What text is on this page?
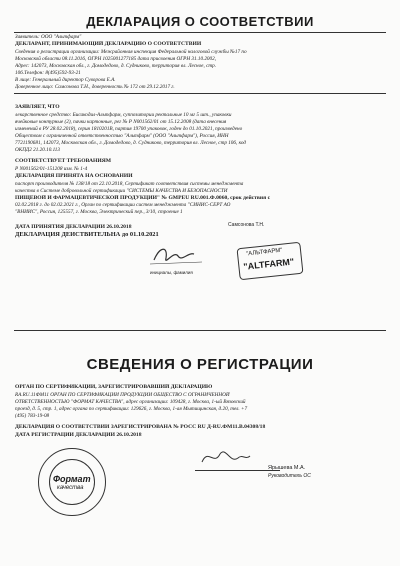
ДЕКЛАРАЦИЯ О СООТВЕТСТВИИ
Заявитель: ООО "Альтфарм"
ДЕКЛАРАНТ, ПРИНИМАЮЩИЙ ДЕКЛАРАЦИЮ О СООТВЕТСТВИИ
Сведения о регистрации организации: Межрайонная инспекция Федеральной налоговой службы №17 по
Московской области 08.11.2016, ОГРН 1025001277185 дата присвоения ОГРН 31.10.2002,
Адрес: 142073, Московская обл., г. Домодедово, д. Судниково, территория вл. Лесное, стр.
106.Телефон: 8(495)592-93-21
В лице: Генеральный директор Суворова Е.А.
Доверенное лицо: Самсонова Т.Н., доверенность № 172 от 29.12.2017 г.
ЗАЯВЛЯЕТ, ЧТО
лекарственное средство: Бисакодил-Альтфарм, суппозитории ректальные 10 мг 5 шт., упаковки
ячейковые контурные (2), пачки картонные, рег № Р N001562/01 от 15.12.2008 (дата внесения
изменений в РУ 28.02.2018), серия 1810201В, партия 19700 упаковок, годен до 01.10.2021, произведено
Обществом с ограниченной ответственностью "Альтфарм" (ООО "Альтфарм"), Россия, ИНН
7721190681, 142073, Московская обл., г. Домодедово, д. Судниково, территория вл. Лесное, стр 106, код
ОКПД2 21.20.10.113
СООТВЕТСТВУЕТ ТРЕБОВАНИЯМ
Р N001562/01-151208 изм. № 1-4
ДЕКЛАРАЦИЯ ПРИНЯТА НА ОСНОВАНИИ
паспорт производителя № 138/18 от 22.10.2018, Сертификат соответствия системы менеджмента
качества в Системе добровольной сертификации "СИСТЕМЫ КАЧЕСТВА И БЕЗОПАСНОСТИ
ПИЩЕВОЙ И ФАРМАЦЕВТИЧЕСКОЙ ПРОДУКЦИИ" № GMPEU RU.001.Ф.0060, срок действия с
02.02.2018 г. до 02.02.2021 г., Орган по сертификации систем менеджмента "СИНИС-СЕРТ АО
"ВНИИС", Россия, 125557, г. Москва, Электрический пер., 3/10, строение 1
ДАТА ПРИНЯТИЯ ДЕКЛАРАЦИИ 26.10.2018
ДЕКЛАРАЦИЯ ДЕЙСТВИТЕЛЬНА до 01.10.2021
Самсонова Т.Н.
инициалы, фамилия
"АЛЬТФАРМ"
"ALTFARM"
СВЕДЕНИЯ О РЕГИСТРАЦИИ
ОРГАН ПО СЕРТИФИКАЦИИ, ЗАРЕГИСТРИРОВАВШИЙ ДЕКЛАРАЦИЮ
RA.RU.11ФМ11 ОРГАН ПО СЕРТИФИКАЦИИ ПРОДУКЦИИ ОБЩЕСТВО С ОГРАНИЧЕННОЙ
ОТВЕТСТВЕННОСТЬЮ "ФОРМАТ КАЧЕСТВА", адрес организации: 109428, г. Москва, 1-ый Вязовский
проезд, д. 5, стр. 1, адрес органа по сертификации: 129626, г. Москва, 1-ая Мытищинская, д.20, тел. +7
(495) 783-19-08
ДЕКЛАРАЦИЯ О СООТВЕТСТВИИ ЗАРЕГИСТРИРОВАНА № РОСС RU Д-RU.ФМ11.В.04308/18
ДАТА РЕГИСТРАЦИИ ДЕКЛАРАЦИИ 26.10.2018
Формат
качества
Ярышева М.А.
Руководитель ОС
